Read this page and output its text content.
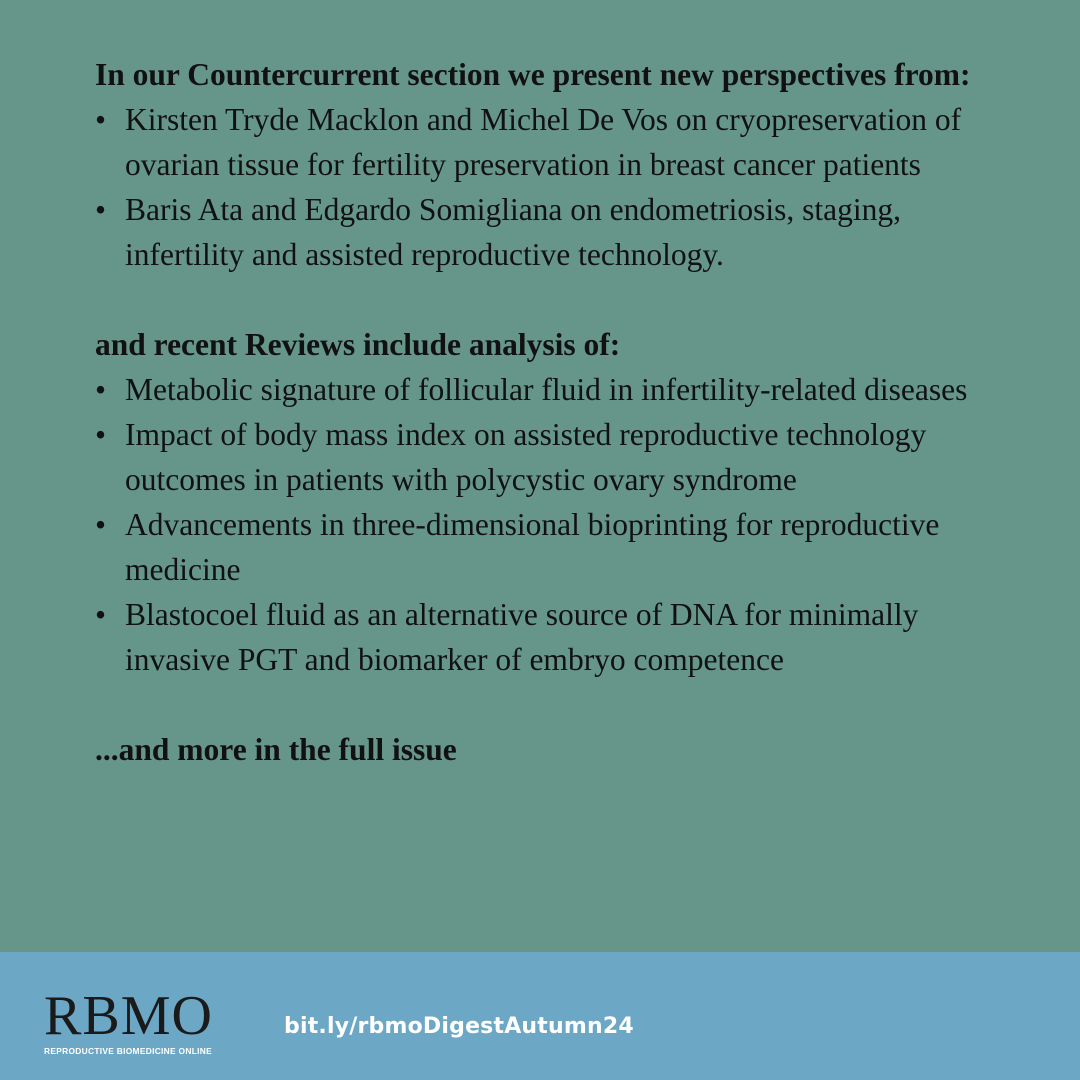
In our Countercurrent section we present new perspectives from:

• Kirsten Tryde Macklon and Michel De Vos on cryopreservation of ovarian tissue for fertility preservation in breast cancer patients
• Baris Ata and Edgardo Somigliana on endometriosis, staging, infertility and assisted reproductive technology.

and recent Reviews include analysis of:

• Metabolic signature of follicular fluid in infertility-related diseases
• Impact of body mass index on assisted reproductive technology outcomes in patients with polycystic ovary syndrome
• Advancements in three-dimensional bioprinting for reproductive medicine
• Blastocoel fluid as an alternative source of DNA for minimally invasive PGT and biomarker of embryo competence

...and more in the full issue

RBMO
REPRODUCTIVE BIOMEDICINE ONLINE
bit.ly/rbmoDigestAutumn24
